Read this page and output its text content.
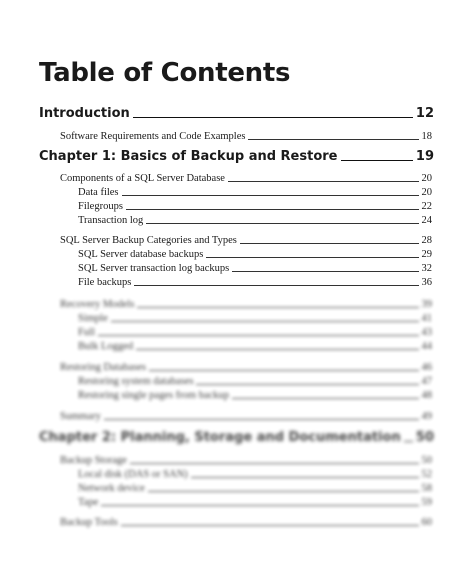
Table of Contents
Introduction	12
Software Requirements and Code Examples	18
Chapter 1: Basics of Backup and Restore	19
Components of a SQL Server Database	20
Data files	20
Filegroups	22
Transaction log	24
SQL Server Backup Categories and Types	28
SQL Server database backups	29
SQL Server transaction log backups	32
File backups	36
Recovery Models	39
Simple	41
Full	43
Bulk Logged	44
Restoring Databases	46
Restoring system databases	47
Restoring single pages from backup	48
Summary	49
Chapter 2: Planning, Storage and Documentation 50
Backup Storage	50
Local disk (DAS or SAN)	52
Network device	58
Tape	59
Backup Tools	60
